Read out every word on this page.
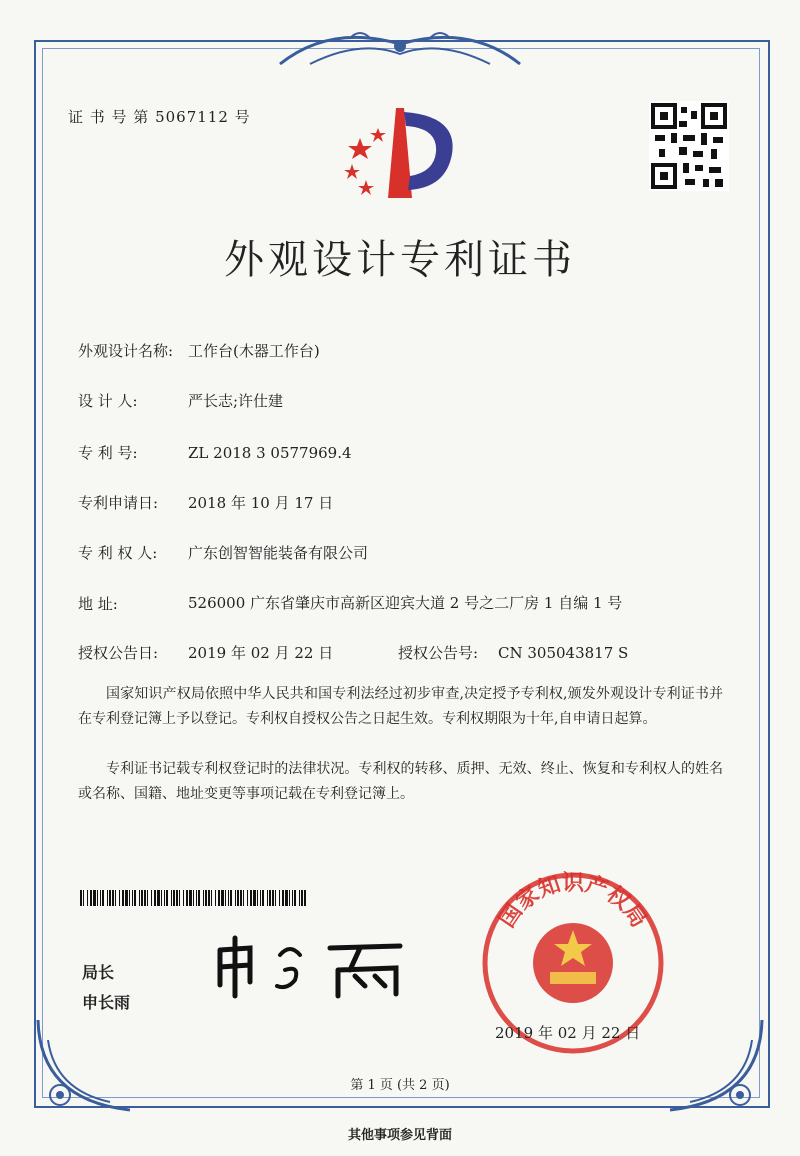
证 书 号 第 5067112 号
外观设计专利证书
外观设计名称: 工作台(木器工作台)
设 计 人:	严长志;许仕建
专 利 号:	ZL 2018 3 0577969.4
专利申请日: 2018 年 10 月 17 日
专 利 权 人: 广东创智智能装备有限公司
地 址:	526000 广东省肇庆市高新区迎宾大道 2 号之二厂房 1 自编 1 号
授权公告日: 2019 年 02 月 22 日	授权公告号: CN 305043817 S
国家知识产权局依照中华人民共和国专利法经过初步审查,决定授予专利权,颁发外观设计专利证书并在专利登记簿上予以登记。专利权自授权公告之日起生效。专利权期限为十年,自申请日起算。
专利证书记载专利权登记时的法律状况。专利权的转移、质押、无效、终止、恢复和专利权人的姓名或名称、国籍、地址变更等事项记载在专利登记簿上。
局长
申长雨
国家知识产权局
2019 年 02 月 22 日
第 1 页 (共 2 页)
其他事项参见背面
